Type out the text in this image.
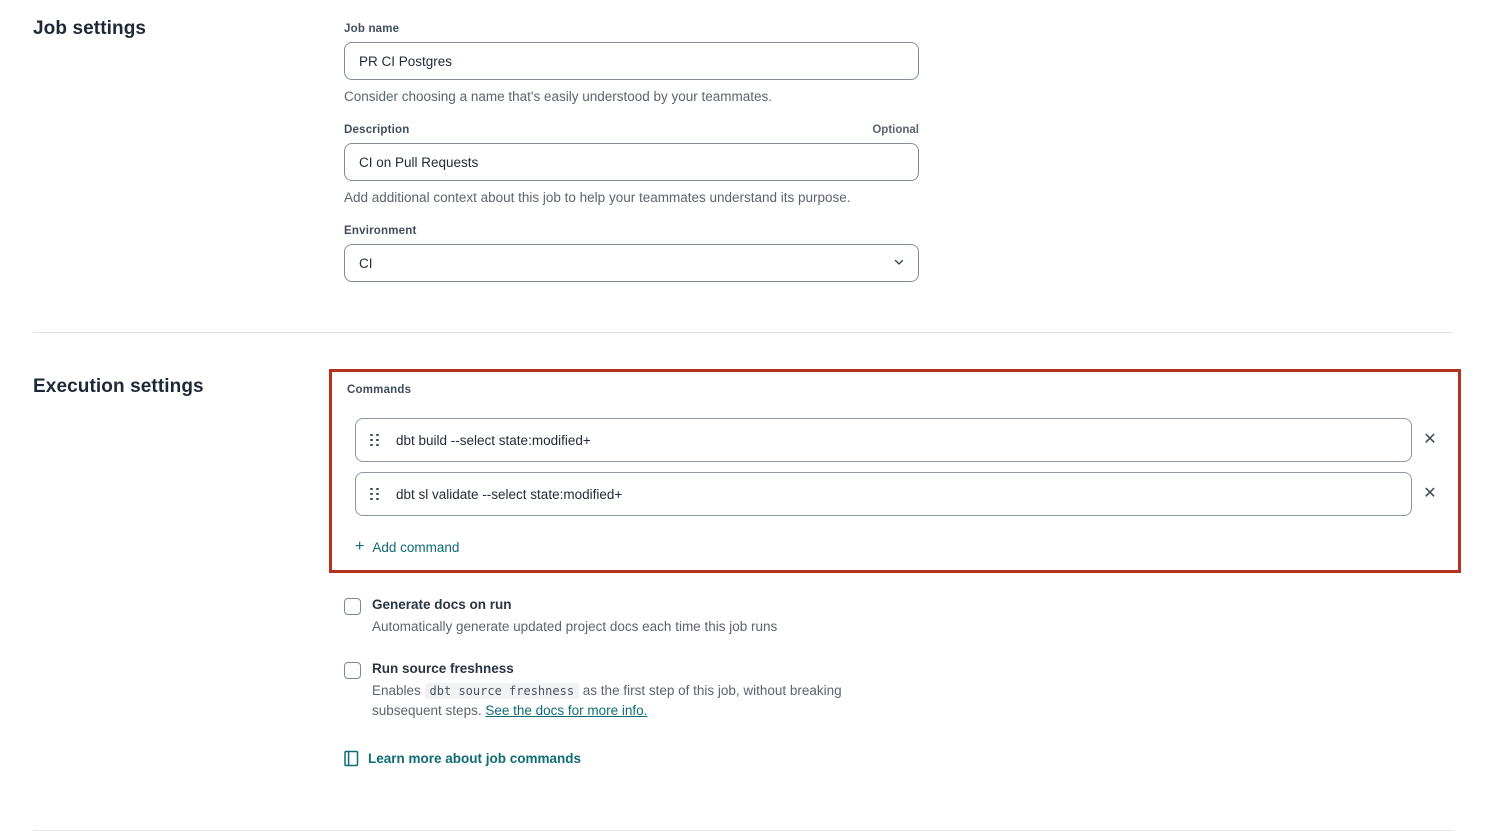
Job settings	Job name
PR CI Postgres
Consider choosing a name that's easily understood by your teammates.
Description	Optional
CI on Pull Requests
Add additional context about this job to help your teammates understand its purpose.
Environment
CI
Execution settings	Commands
dbt build --select state:modified+	✕
dbt sl validate --select state:modified+	✕
+ Add command
Generate docs on run
Automatically generate updated project docs each time this job runs
Run source freshness
Enables dbt source freshness as the first step of this job, without breaking subsequent steps. See the docs for more info.
Learn more about job commands
